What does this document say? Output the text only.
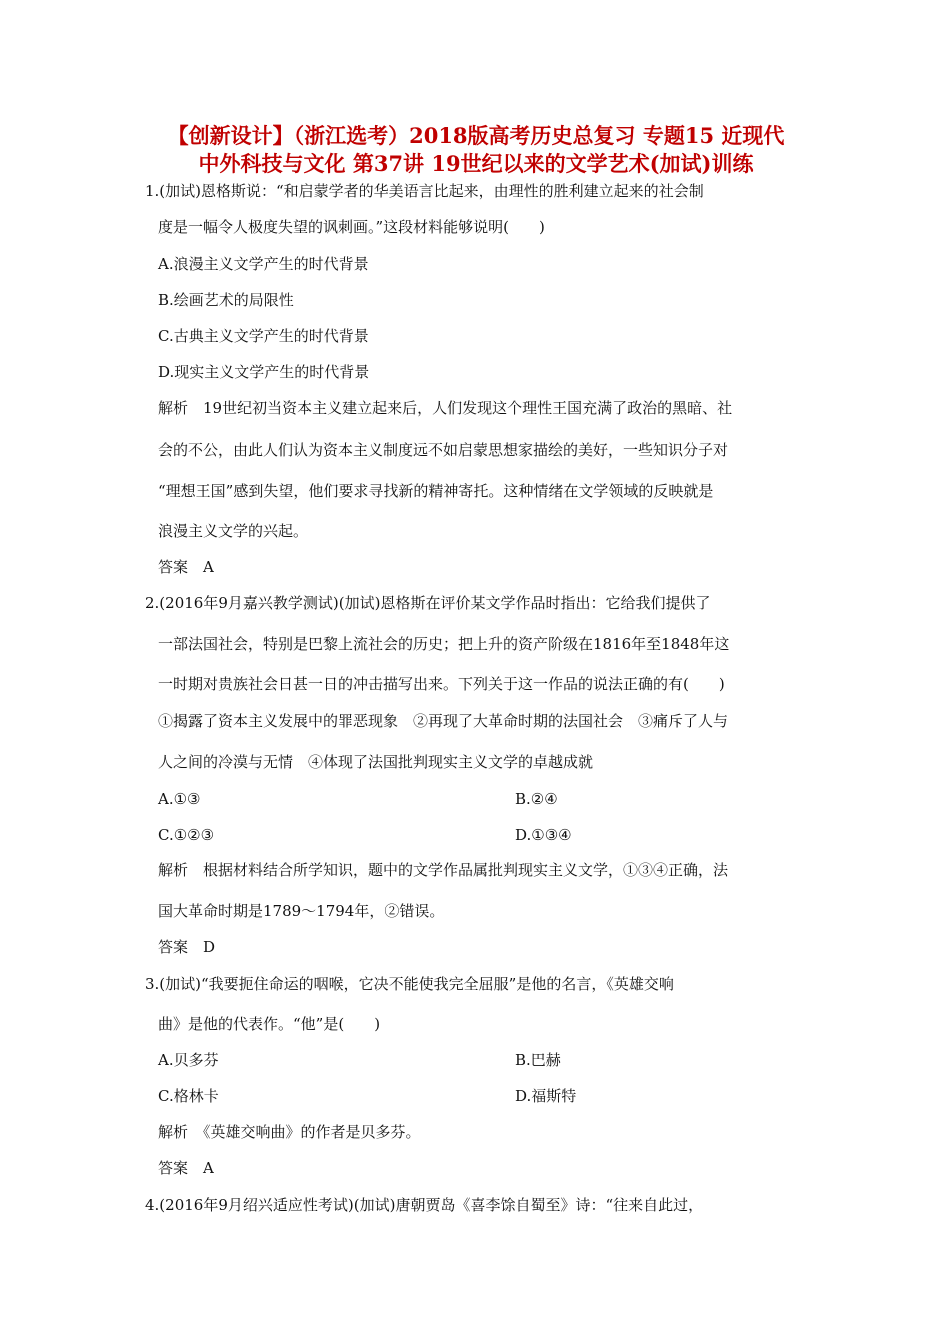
【创新设计】（浙江选考）2018版高考历史总复习 专题15 近现代
中外科技与文化 第37讲 19世纪以来的文学艺术(加试)训练
1.(加试)恩格斯说：“和启蒙学者的华美语言比起来，由理性的胜利建立起来的社会制
度是一幅令人极度失望的讽刺画。”这段材料能够说明(　　)
A.浪漫主义文学产生的时代背景
B.绘画艺术的局限性
C.古典主义文学产生的时代背景
D.现实主义文学产生的时代背景
解析　19世纪初当资本主义建立起来后，人们发现这个理性王国充满了政治的黑暗、社
会的不公，由此人们认为资本主义制度远不如启蒙思想家描绘的美好，一些知识分子对
“理想王国”感到失望，他们要求寻找新的精神寄托。这种情绪在文学领域的反映就是
浪漫主义文学的兴起。
答案　A
2.(2016年9月嘉兴教学测试)(加试)恩格斯在评价某文学作品时指出：它给我们提供了
一部法国社会，特别是巴黎上流社会的历史；把上升的资产阶级在1816年至1848年这
一时期对贵族社会日甚一日的冲击描写出来。下列关于这一作品的说法正确的有(　　)
①揭露了资本主义发展中的罪恶现象　②再现了大革命时期的法国社会　③痛斥了人与
人之间的冷漠与无情　④体现了法国批判现实主义文学的卓越成就
A.①③	B.②④
C.①②③	D.①③④
解析　根据材料结合所学知识，题中的文学作品属批判现实主义文学，①③④正确，法
国大革命时期是1789～1794年，②错误。
答案　D
3.(加试)“我要扼住命运的咽喉，它决不能使我完全屈服”是他的名言，《英雄交响
曲》是他的代表作。“他”是(　　)
A.贝多芬	B.巴赫
C.格林卡	D.福斯特
解析　《英雄交响曲》的作者是贝多芬。
答案　A
4.(2016年9月绍兴适应性考试)(加试)唐朝贾岛《喜李馀自蜀至》诗：“往来自此过，
